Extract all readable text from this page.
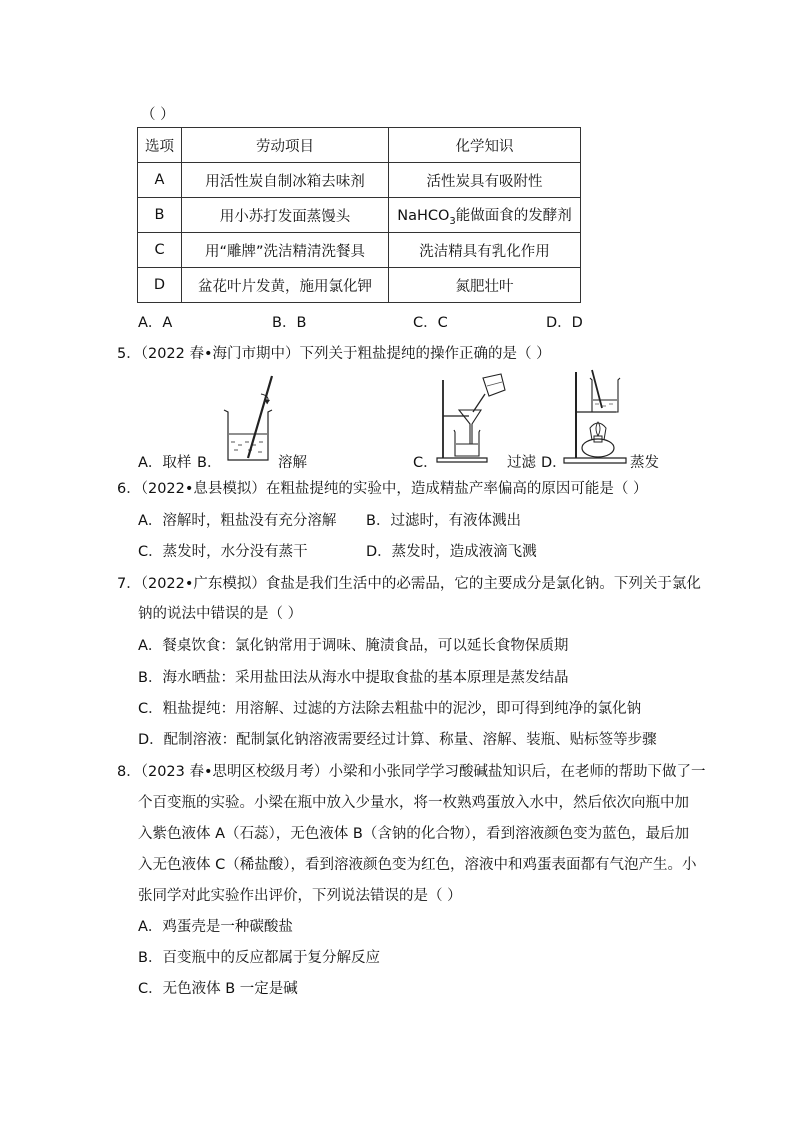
（ ）
选项	劳动项目	化学知识
A	用活性炭自制冰箱去味剂	活性炭具有吸附性
B	用小苏打发面蒸馒头	NaHCO$_3$能做面食的发酵剂
C	用“雕牌”洗洁精清洗餐具	洗洁精具有乳化作用
D	盆花叶片发黄，施用氯化钾	氮肥壮叶
A．A	B．B	C．C	D．D
5．（2022 春•海门市期中）下列关于粗盐提纯的操作正确的是（ ）
A．取样 B．	溶解	C．	过滤 D．	蒸发
6．（2022•息县模拟）在粗盐提纯的实验中，造成精盐产率偏高的原因可能是（ ）
A．溶解时，粗盐没有充分溶解 B．过滤时，有液体溅出
C．蒸发时，水分没有蒸干	D．蒸发时，造成液滴飞溅
7．（2022•广东模拟）食盐是我们生活中的必需品，它的主要成分是氯化钠。下列关于氯化
钠的说法中错误的是（ ）
A．餐桌饮食：氯化钠常用于调味、腌渍食品，可以延长食物保质期
B．海水晒盐：采用盐田法从海水中提取食盐的基本原理是蒸发结晶
C．粗盐提纯：用溶解、过滤的方法除去粗盐中的泥沙，即可得到纯净的氯化钠
D．配制溶液：配制氯化钠溶液需要经过计算、称量、溶解、装瓶、贴标签等步骤
8．（2023 春•思明区校级月考）小梁和小张同学学习酸碱盐知识后，在老师的帮助下做了一
个百变瓶的实验。小梁在瓶中放入少量水，将一枚熟鸡蛋放入水中，然后依次向瓶中加
入紫色液体 A（石蕊），无色液体 B（含钠的化合物），看到溶液颜色变为蓝色，最后加
入无色液体 C（稀盐酸），看到溶液颜色变为红色，溶液中和鸡蛋表面都有气泡产生。小
张同学对此实验作出评价，下列说法错误的是（ ）
A．鸡蛋壳是一种碳酸盐
B．百变瓶中的反应都属于复分解反应
C．无色液体 B 一定是碱
